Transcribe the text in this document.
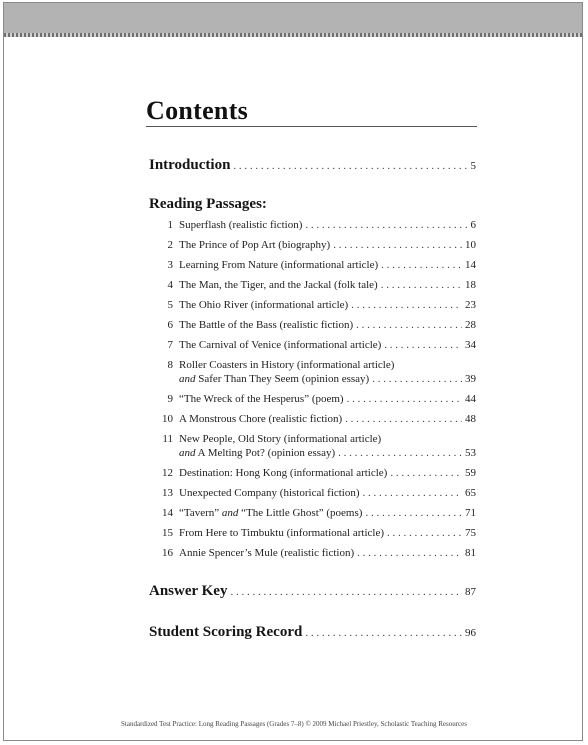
Contents
Introduction . . .	5
Reading Passages:
1 Superflash (realistic fiction) . . .	6
2 The Prince of Pop Art (biography) . . .	10
3 Learning From Nature (informational article) . . .	14
4 The Man, the Tiger, and the Jackal (folk tale) . . .	18
5 The Ohio River (informational article) . . .	23
6 The Battle of the Bass (realistic fiction) . . .	28
7 The Carnival of Venice (informational article) . . .	34
8 Roller Coasters in History (informational article)
and Safer Than They Seem (opinion essay) . . .	39
9 “The Wreck of the Hesperus” (poem) . . .	44
10 A Monstrous Chore (realistic fiction) . . .	48
11 New People, Old Story (informational article)
and A Melting Pot? (opinion essay) . . .	53
12 Destination: Hong Kong (informational article) . . .	59
13 Unexpected Company (historical fiction) . . .	65
14 “Tavern” and “The Little Ghost” (poems) . . .	71
15 From Here to Timbuktu (informational article) . . .	75
16 Annie Spencer’s Mule (realistic fiction) . . .	81
Answer Key . . .	87
Student Scoring Record . . .	96
Standardized Test Practice: Long Reading Passages (Grades 7–8) © 2009 Michael Priestley, Scholastic Teaching Resources
